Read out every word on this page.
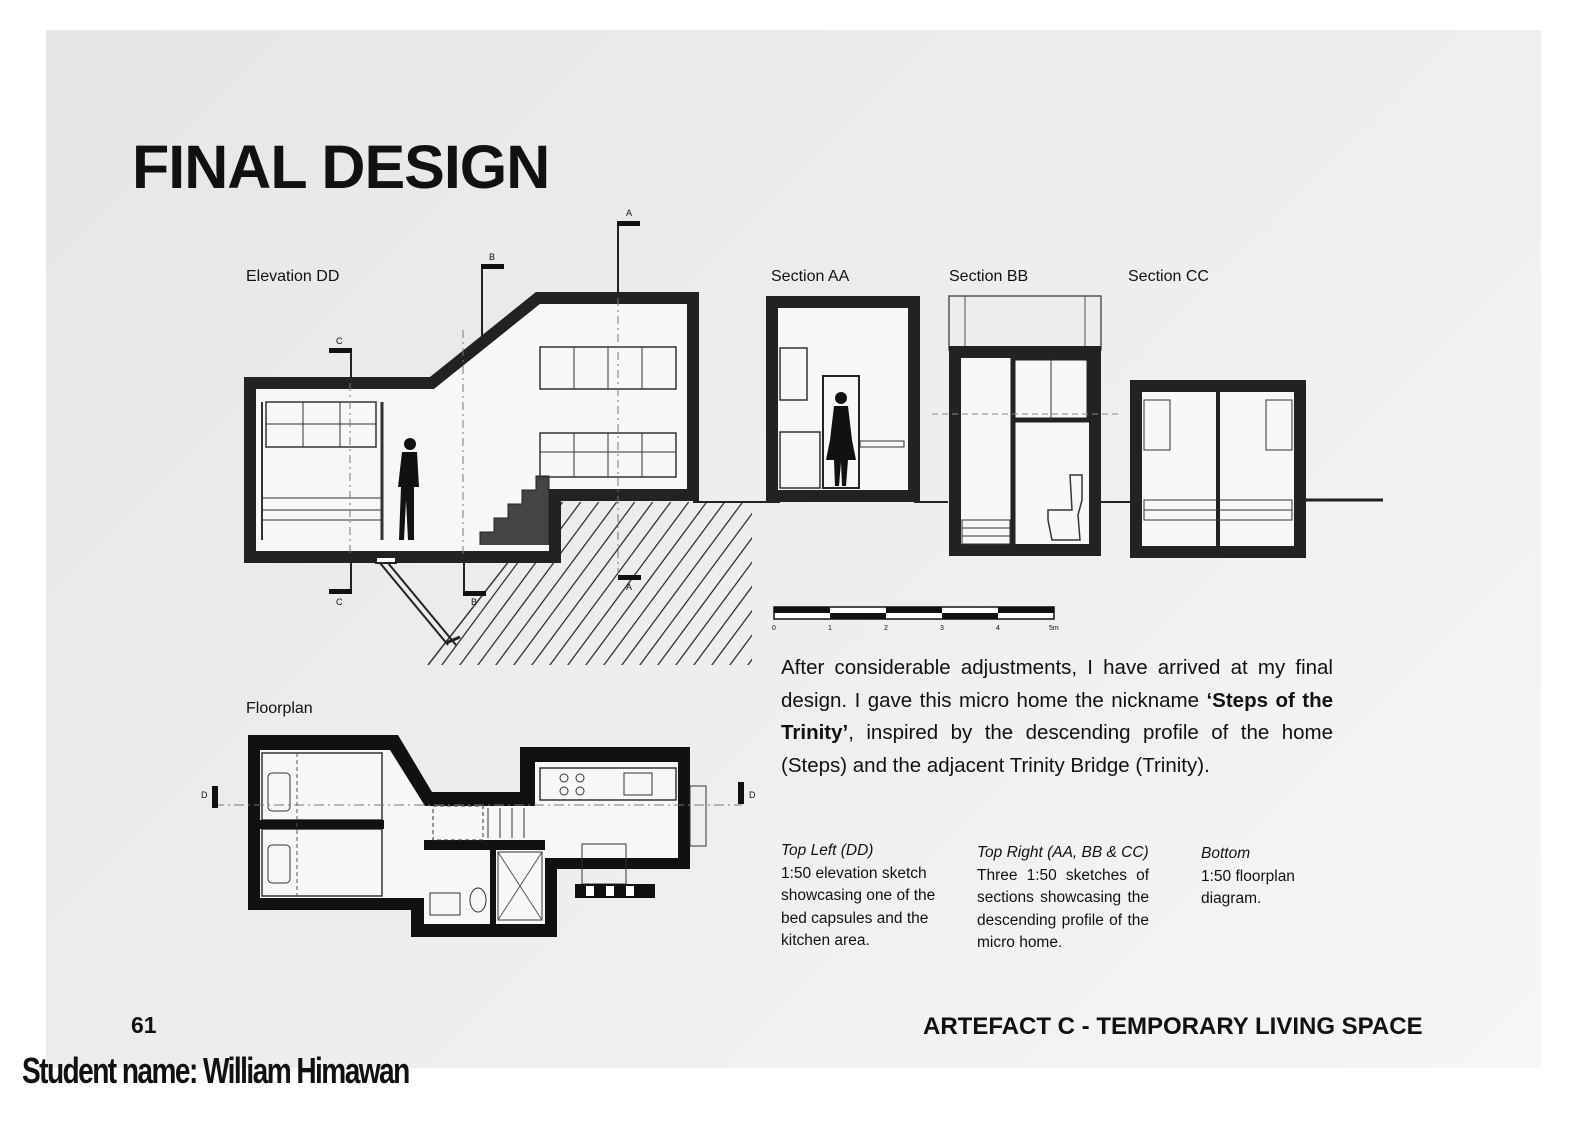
FINAL DESIGN
Elevation DD	Section AA	Section BB	Section CC
Floorplan
C
C
B
B
A
A
0	1	2	3	4	5m
D	D
After considerable adjustments, I have arrived at my final design. I gave this micro home the nickname ‘Steps of the Trinity’, inspired by the descending profile of the home (Steps) and the adjacent Trinity Bridge (Trinity).
Top Left (DD)
1:50 elevation sketch showcasing one of the bed capsules and the kitchen area.
Top Right (AA, BB & CC)
Three 1:50 sketches of sections showcasing the descending profile of the micro home.
Bottom
1:50 floorplan diagram.
61	ARTEFACT C - TEMPORARY LIVING SPACE
Student name: William Himawan
